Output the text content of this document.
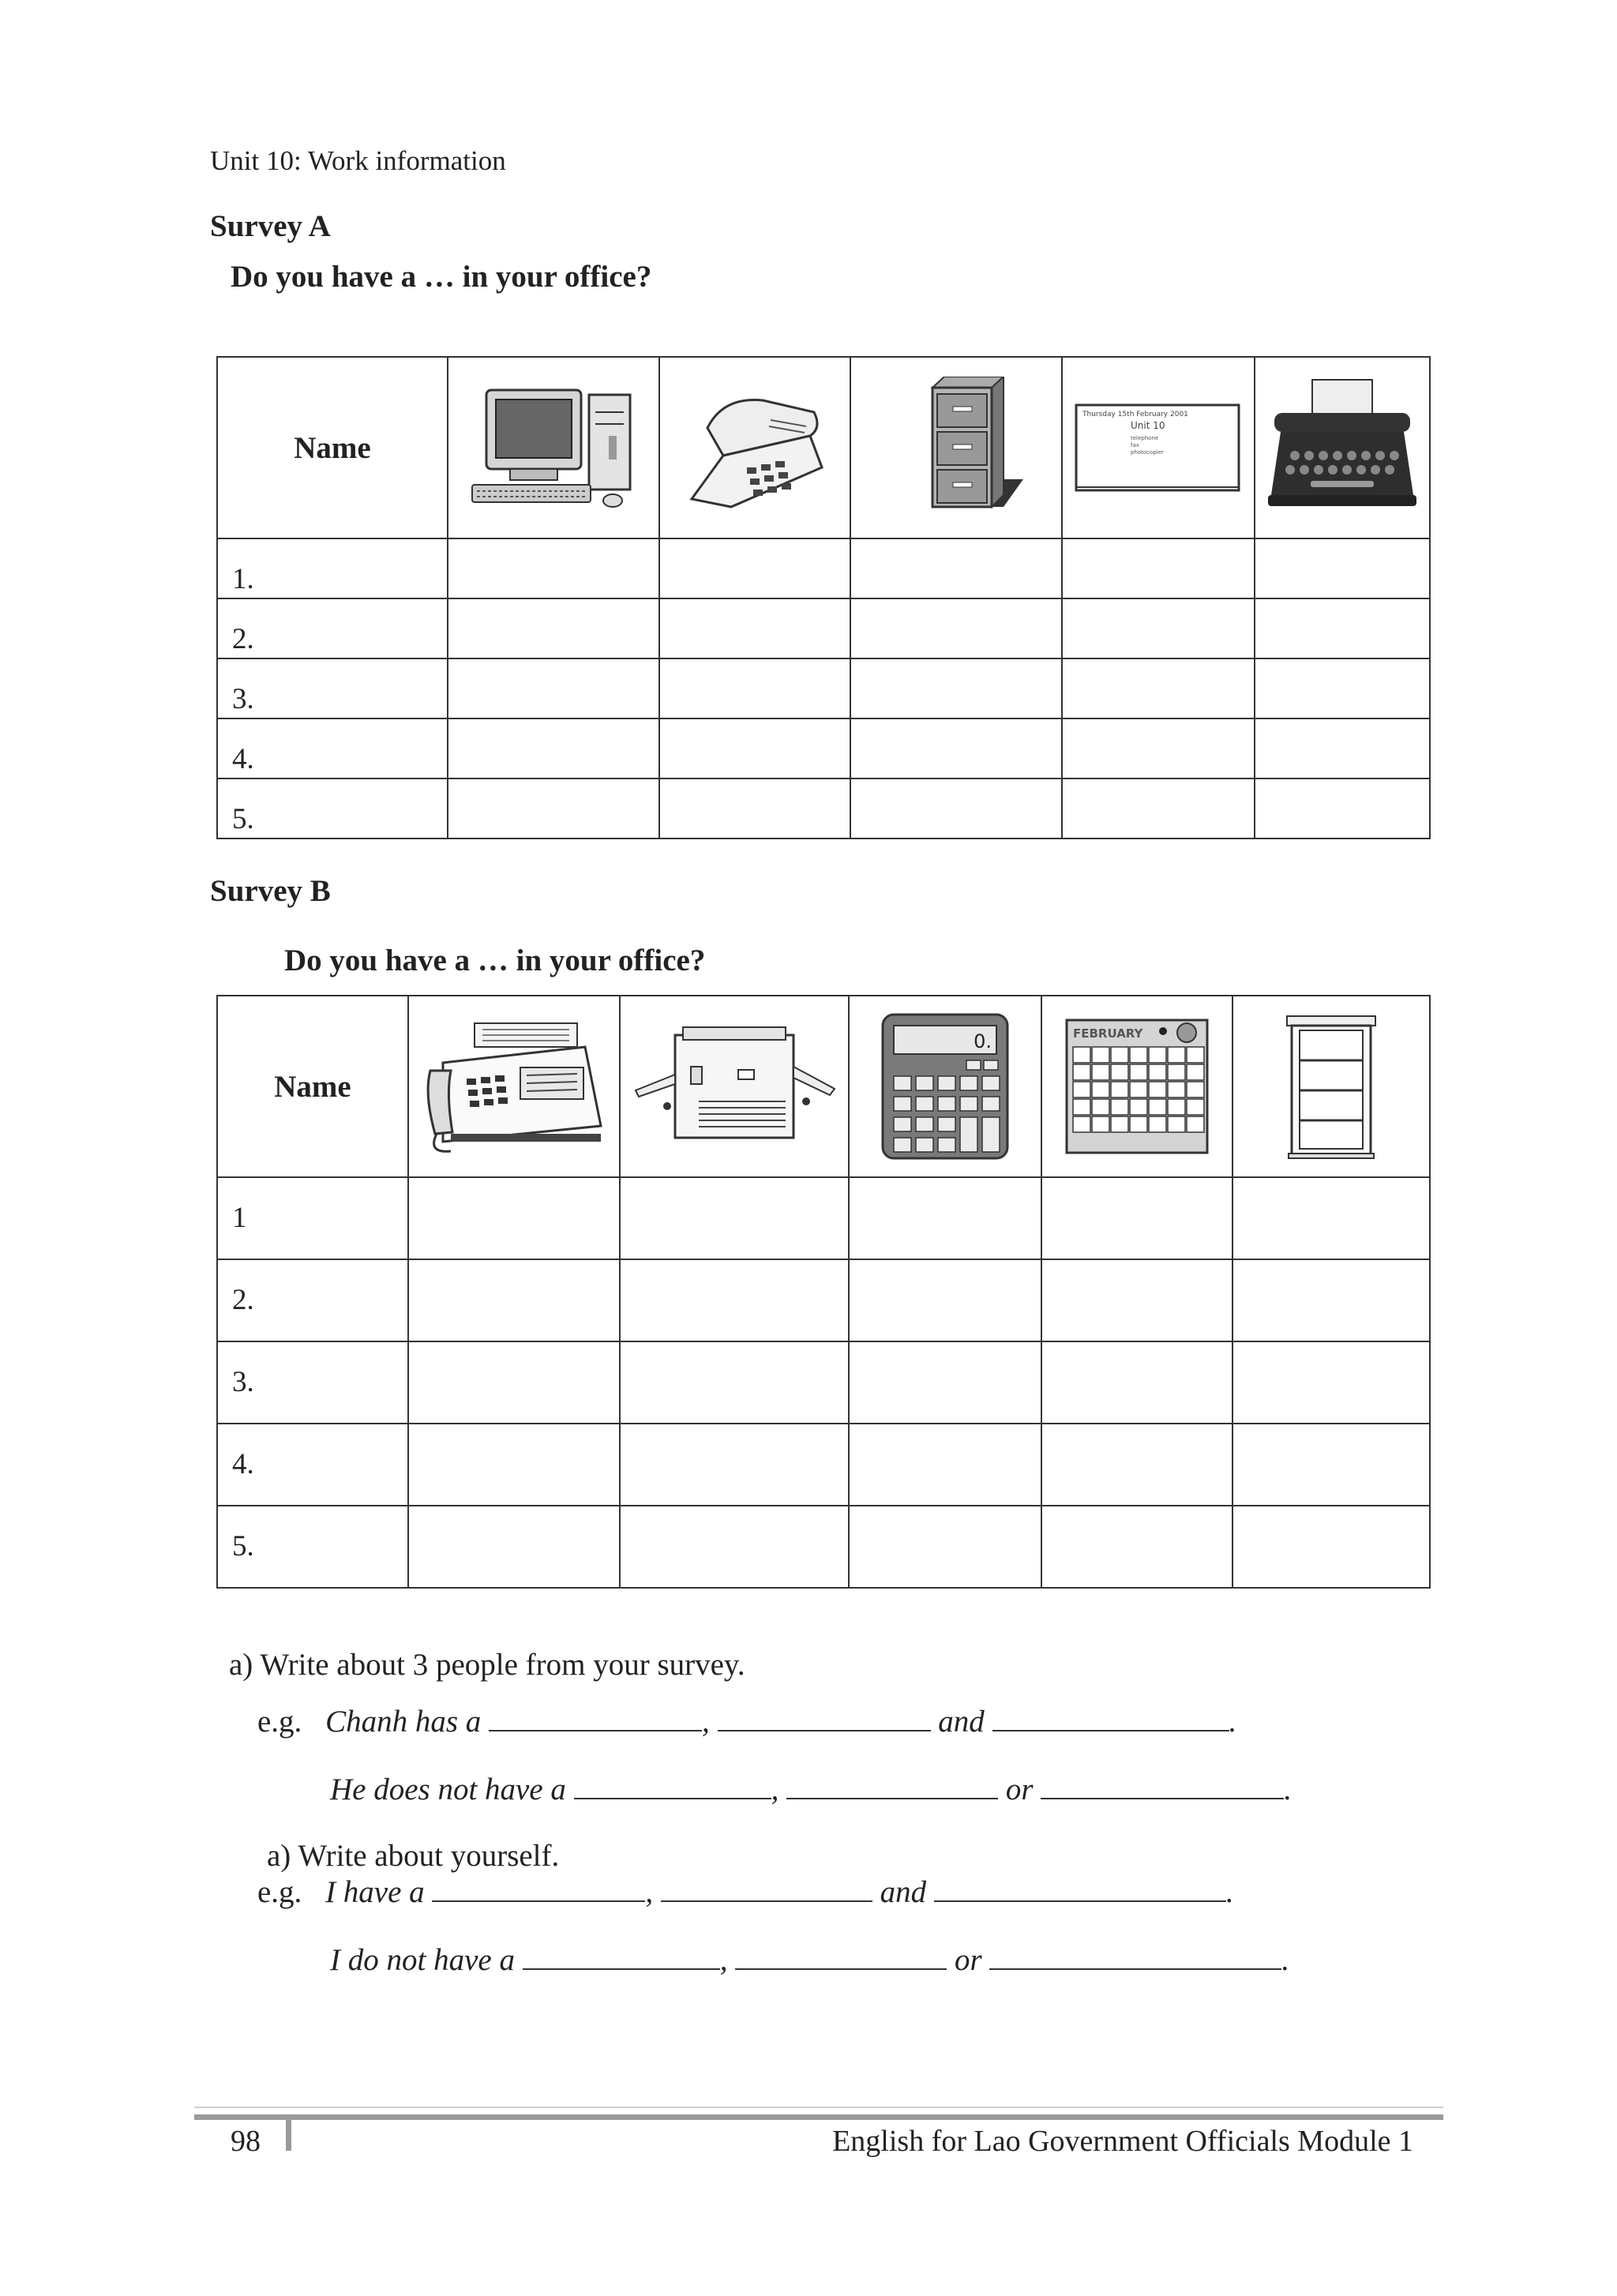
Unit 10: Work information
Survey A
Do you have a … in your office?
Name				Thursday 15th February 2001
Unit 10
telephone
fax
photocopier

1.					
2.					
3.					
4.					
5.					
Survey B
Do you have a … in your office?
Name			0.	FEBRUARY

1					
2.					
3.					
4.					
5.					
a) Write about 3 people from your survey.
e.g. Chanh has a	,	and	.
He does not have a	,	or	.
a) Write about yourself.
e.g. I have a	,	and	.
I do not have a	,	or	.
98	English for Lao Government Officials Module 1
